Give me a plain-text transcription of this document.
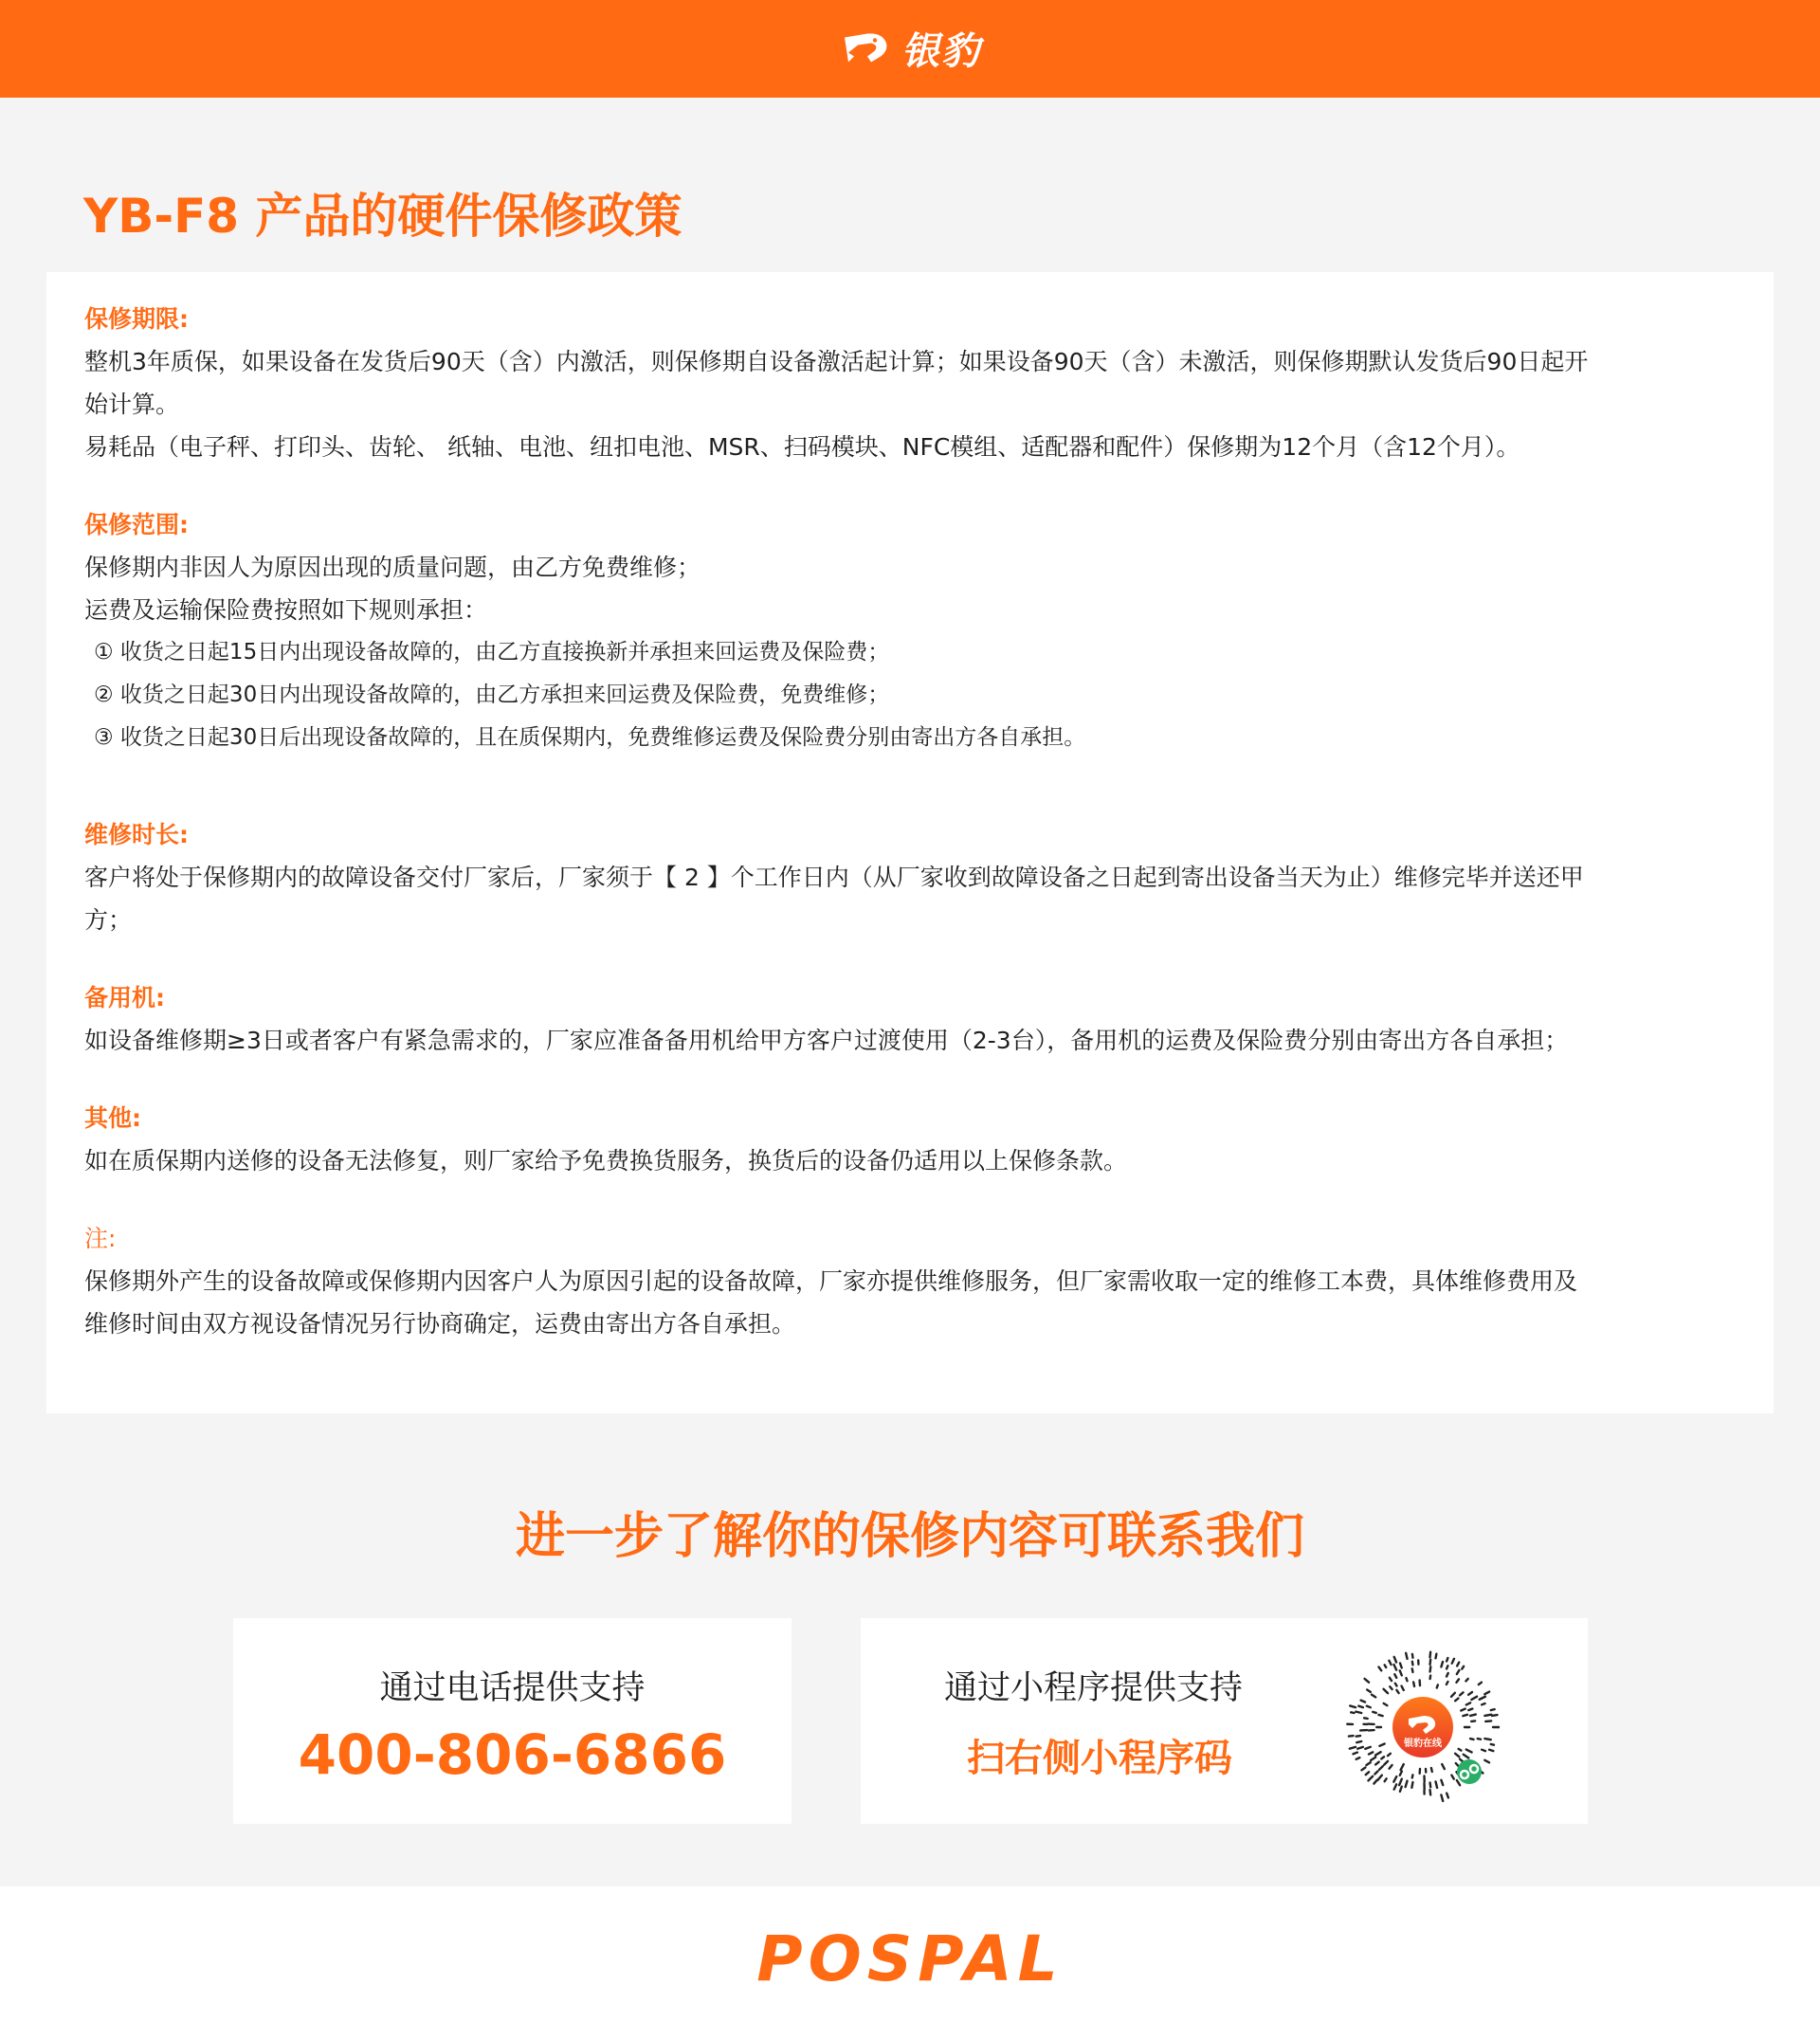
银豹
YB-F8 产品的硬件保修政策
保修期限:
整机3年质保，如果设备在发货后90天（含）内激活，则保修期自设备激活起计算；如果设备90天（含）未激活，则保修期默认发货后90日起开
始计算。
易耗品（电子秤、打印头、齿轮、 纸轴、电池、纽扣电池、MSR、扫码模块、NFC模组、适配器和配件）保修期为12个月（含12个月）。
保修范围:
保修期内非因人为原因出现的质量问题，由乙方免费维修；
运费及运输保险费按照如下规则承担：
① 收货之日起15日内出现设备故障的，由乙方直接换新并承担来回运费及保险费；
② 收货之日起30日内出现设备故障的，由乙方承担来回运费及保险费，免费维修；
③ 收货之日起30日后出现设备故障的，且在质保期内，免费维修运费及保险费分别由寄出方各自承担。
维修时长:
客户将处于保修期内的故障设备交付厂家后，厂家须于【 2 】个工作日内（从厂家收到故障设备之日起到寄出设备当天为止）维修完毕并送还甲
方；
备用机:
如设备维修期≥3日或者客户有紧急需求的，厂家应准备备用机给甲方客户过渡使用（2-3台），备用机的运费及保险费分别由寄出方各自承担；
其他:
如在质保期内送修的设备无法修复，则厂家给予免费换货服务，换货后的设备仍适用以上保修条款。
注:
保修期外产生的设备故障或保修期内因客户人为原因引起的设备故障，厂家亦提供维修服务，但厂家需收取一定的维修工本费，具体维修费用及
维修时间由双方视设备情况另行协商确定，运费由寄出方各自承担。
进一步了解你的保修内容可联系我们
通过电话提供支持
400-806-6866
通过小程序提供支持
扫右侧小程序码	银豹在线
POSPAL
